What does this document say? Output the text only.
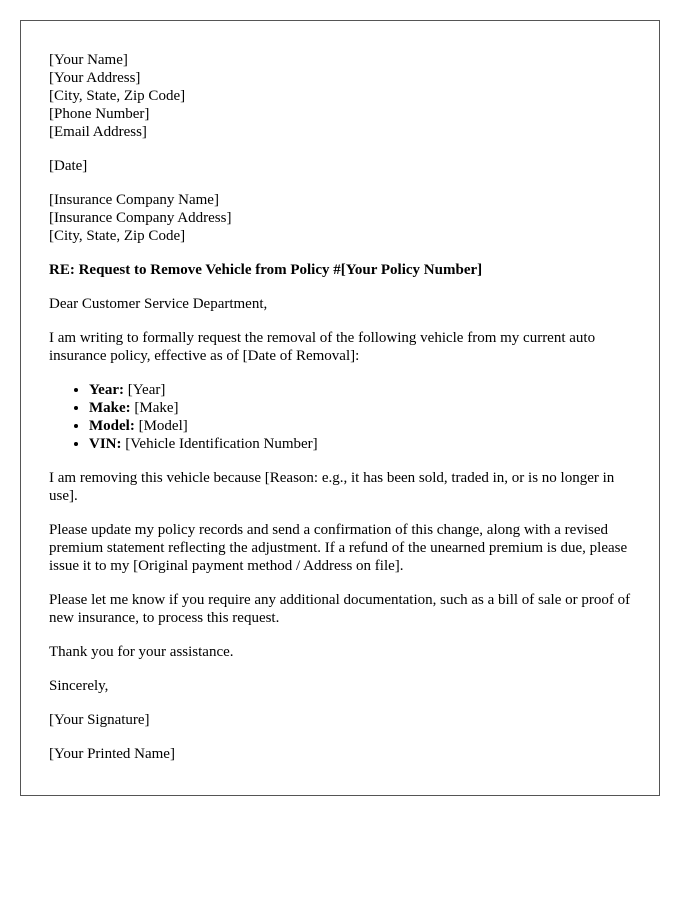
[Your Name]
[Your Address]
[City, State, Zip Code]
[Phone Number]
[Email Address]
[Date]
[Insurance Company Name]
[Insurance Company Address]
[City, State, Zip Code]
RE: Request to Remove Vehicle from Policy #[Your Policy Number]

Dear Customer Service Department,

I am writing to formally request the removal of the following vehicle from my current auto insurance policy, effective as of [Date of Removal]:

• Year: [Year]
• Make: [Make]
• Model: [Model]
• VIN: [Vehicle Identification Number]

I am removing this vehicle because [Reason: e.g., it has been sold, traded in, or is no longer in use].

Please update my policy records and send a confirmation of this change, along with a revised premium statement reflecting the adjustment. If a refund of the unearned premium is due, please issue it to my [Original payment method / Address on file].

Please let me know if you require any additional documentation, such as a bill of sale or proof of new insurance, to process this request.

Thank you for your assistance.

Sincerely,

[Your Signature]

[Your Printed Name]
